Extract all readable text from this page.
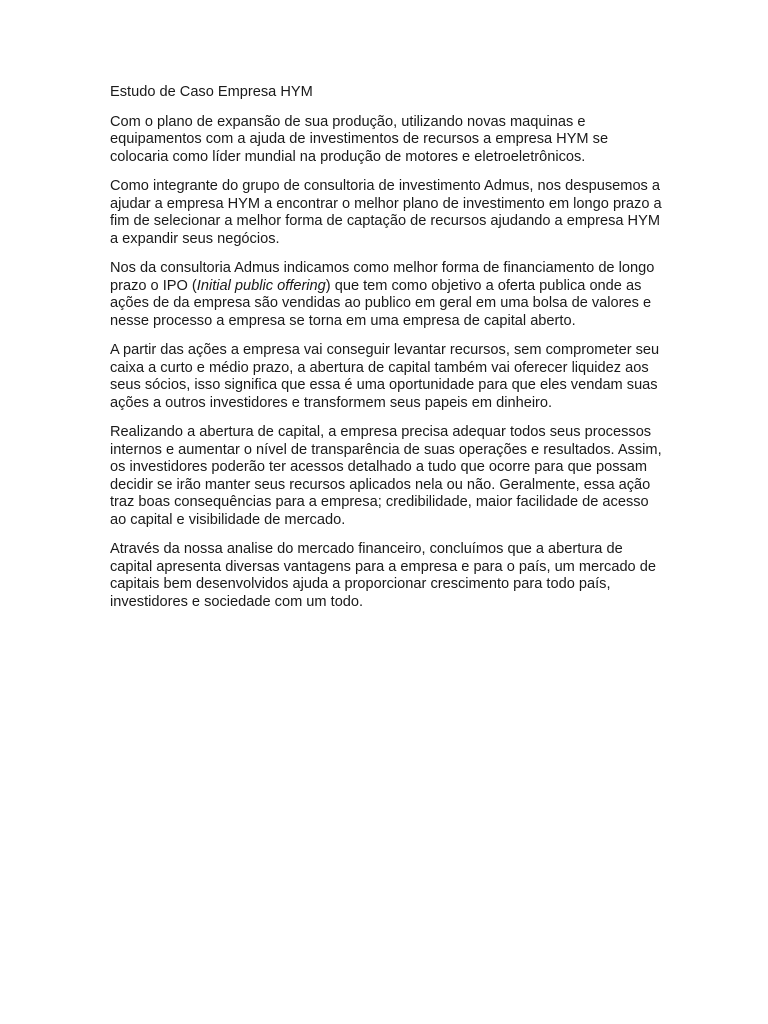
Estudo de Caso Empresa HYM

Com o plano de expansão de sua produção, utilizando novas maquinas e equipamentos com a ajuda de investimentos de recursos a empresa HYM se colocaria como líder mundial na produção de motores e eletroeletrônicos.

Como integrante do grupo de consultoria de investimento Admus, nos despusemos a ajudar a empresa HYM a encontrar o melhor plano de investimento em longo prazo a fim de selecionar a melhor forma de captação de recursos ajudando a empresa HYM a expandir seus negócios.

Nos da consultoria Admus indicamos como melhor forma de financiamento de longo prazo o IPO (Initial public offering) que tem como objetivo a oferta publica onde as ações de da empresa são vendidas ao publico em geral em uma bolsa de valores e nesse processo a empresa se torna em uma empresa de capital aberto.

A partir das ações a empresa vai conseguir levantar recursos, sem comprometer seu caixa a curto e médio prazo, a abertura de capital também vai oferecer liquidez aos seus sócios, isso significa que essa é uma oportunidade para que eles vendam suas ações a outros investidores e transformem seus papeis em dinheiro.

Realizando a abertura de capital, a empresa precisa adequar todos seus processos internos e aumentar o nível de transparência de suas operações e resultados. Assim, os investidores poderão ter acessos detalhado a tudo que ocorre para que possam decidir se irão manter seus recursos aplicados nela ou não. Geralmente, essa ação traz boas consequências para a empresa; credibilidade, maior facilidade de acesso ao capital e visibilidade de mercado.

Através da nossa analise do mercado financeiro, concluímos que a abertura de capital apresenta diversas vantagens para a empresa e para o país, um mercado de capitais bem desenvolvidos ajuda a proporcionar crescimento para todo país, investidores e sociedade com um todo.
